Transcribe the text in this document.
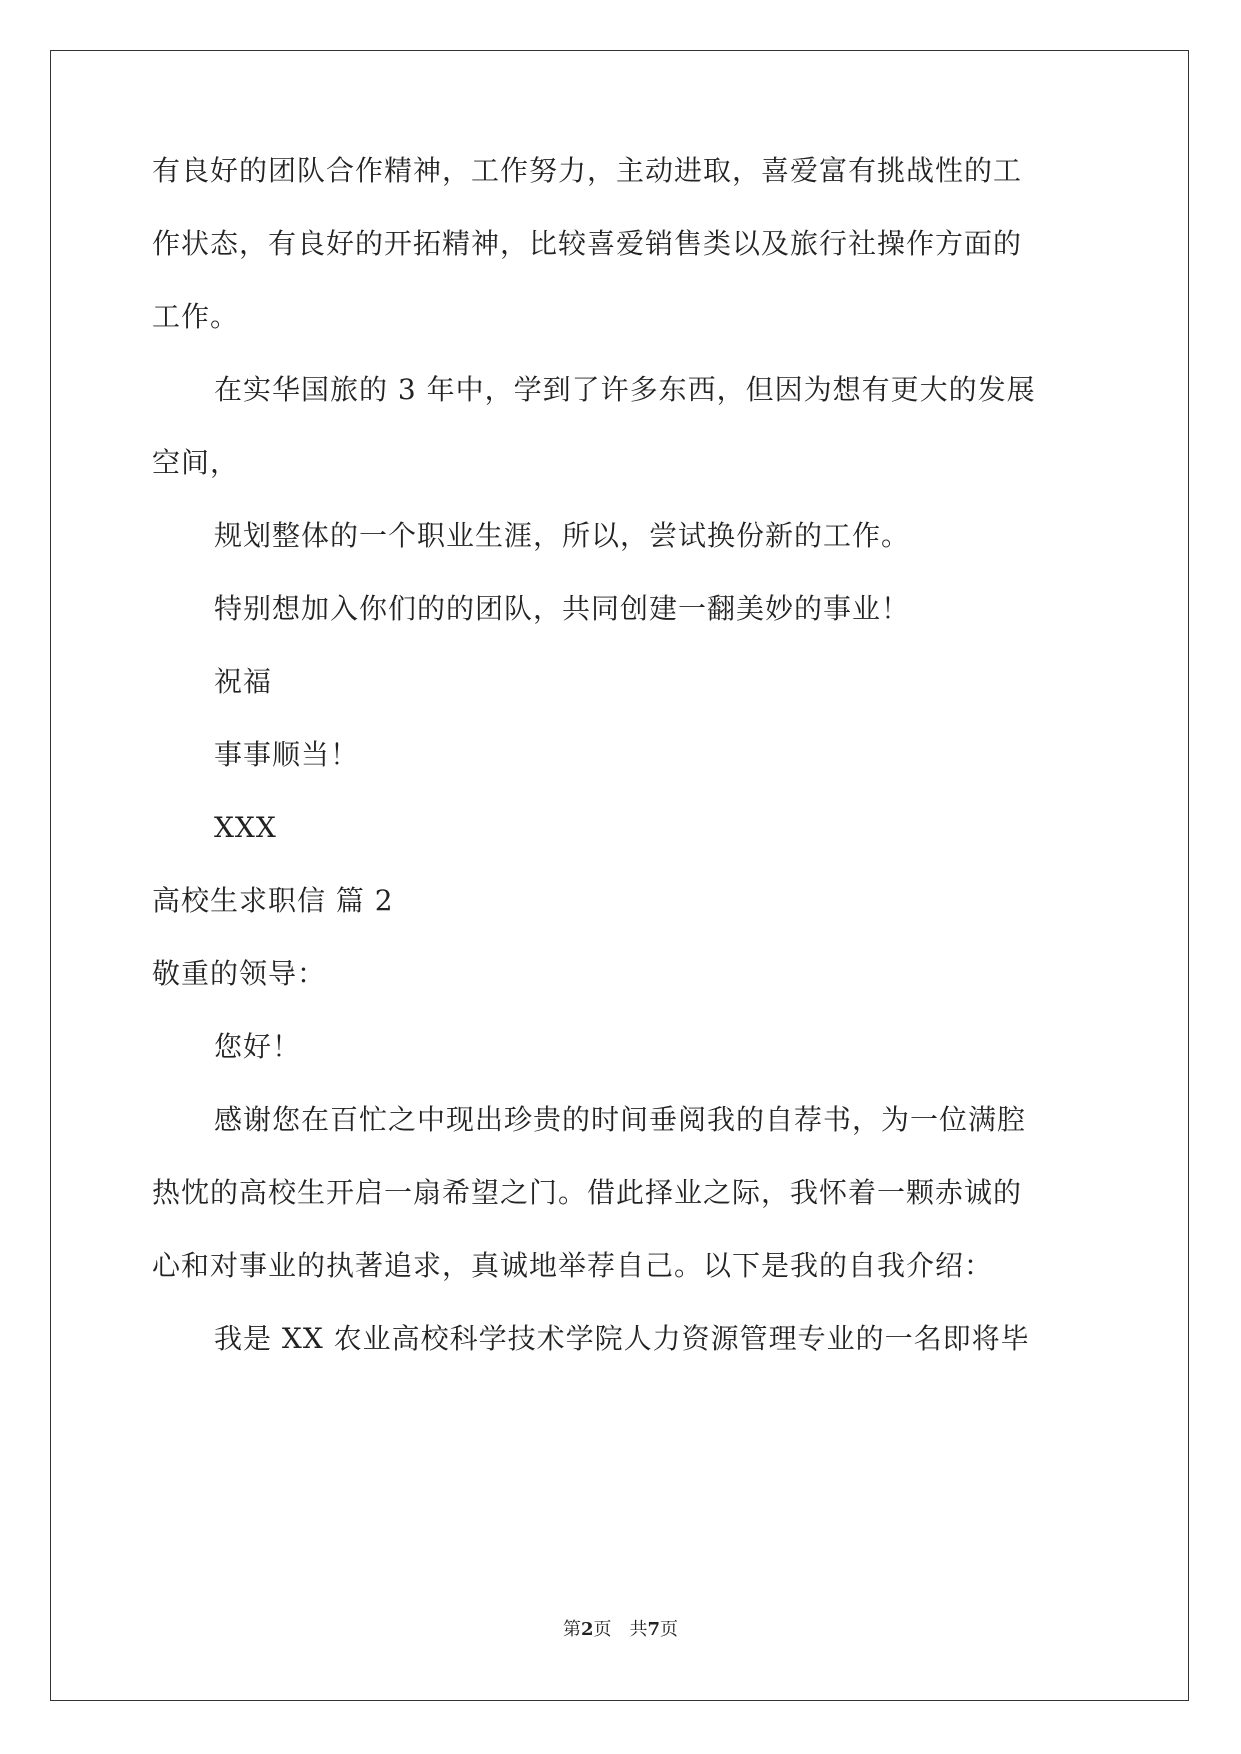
有良好的团队合作精神，工作努力，主动进取，喜爱富有挑战性的工
作状态，有良好的开拓精神，比较喜爱销售类以及旅行社操作方面的
工作。
在实华国旅的 3 年中，学到了许多东西，但因为想有更大的发展
空间，
规划整体的一个职业生涯，所以，尝试换份新的工作。
特别想加入你们的的团队，共同创建一翻美妙的事业！
祝福
事事顺当！
XXX
高校生求职信 篇 2
敬重的领导：
您好！
感谢您在百忙之中现出珍贵的时间垂阅我的自荐书，为一位满腔
热忱的高校生开启一扇希望之门。借此择业之际，我怀着一颗赤诚的
心和对事业的执著追求，真诚地举荐自己。以下是我的自我介绍：
我是 XX 农业高校科学技术学院人力资源管理专业的一名即将毕
第2页 共7页
